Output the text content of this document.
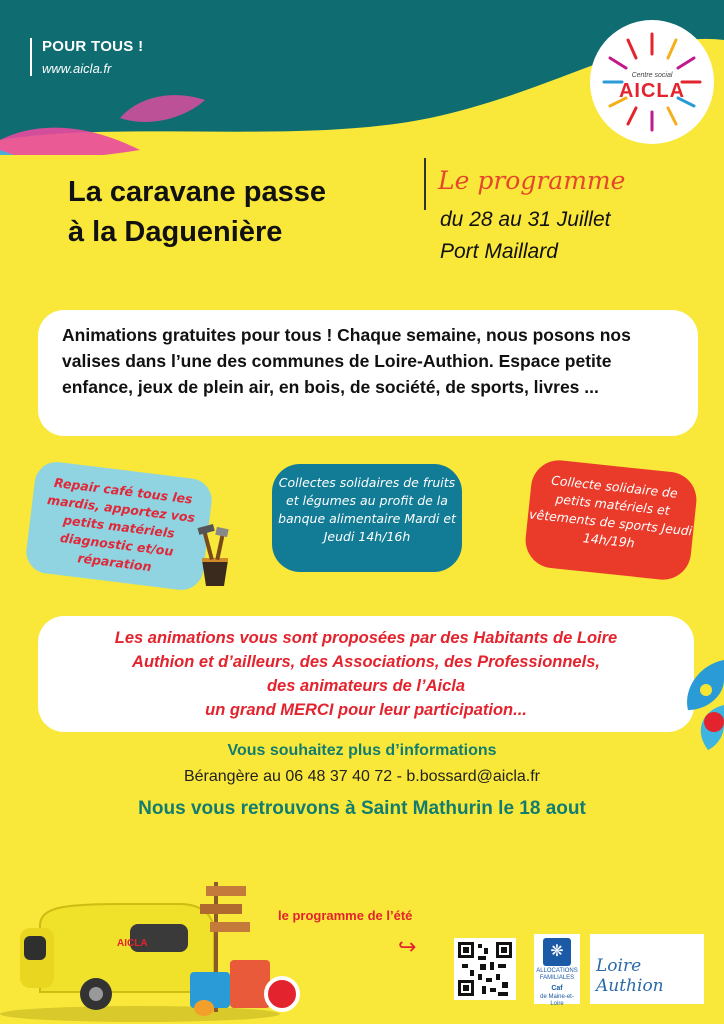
POUR TOUS !
www.aicla.fr	Centre social
AICLA
La caravane passe
à la Daguenière
Le programme
du 28 au 31 Juillet
Port Maillard

Animations gratuites pour tous ! Chaque semaine, nous posons nos valises dans l’une des communes de Loire-Authion. Espace petite enfance, jeux de plein air, en bois, de société, de sports, livres ...

Repair café tous les mardis, apportez vos petits matériels diagnostic et/ou réparation
Collectes solidaires de fruits et légumes au profit de la banque alimentaire Mardi et Jeudi 14h/16h
Collecte solidaire de petits matériels et vêtements de sports Jeudi 14h/19h

Les animations vous sont proposées par des Habitants de Loire
Authion et d’ailleurs, des Associations, des Professionnels,
des animateurs de l’Aicla
un grand MERCI pour leur participation...

Vous souhaitez plus d’informations
Bérangère au 06 48 37 40 72 - b.bossard@aicla.fr
Nous vous retrouvons à Saint Mathurin le 18 aout
AICLA
le programme de l’été
↪	❋
ALLOCATIONS FAMILIALES
Caf
de Maine-et-Loire
Loire Authion
